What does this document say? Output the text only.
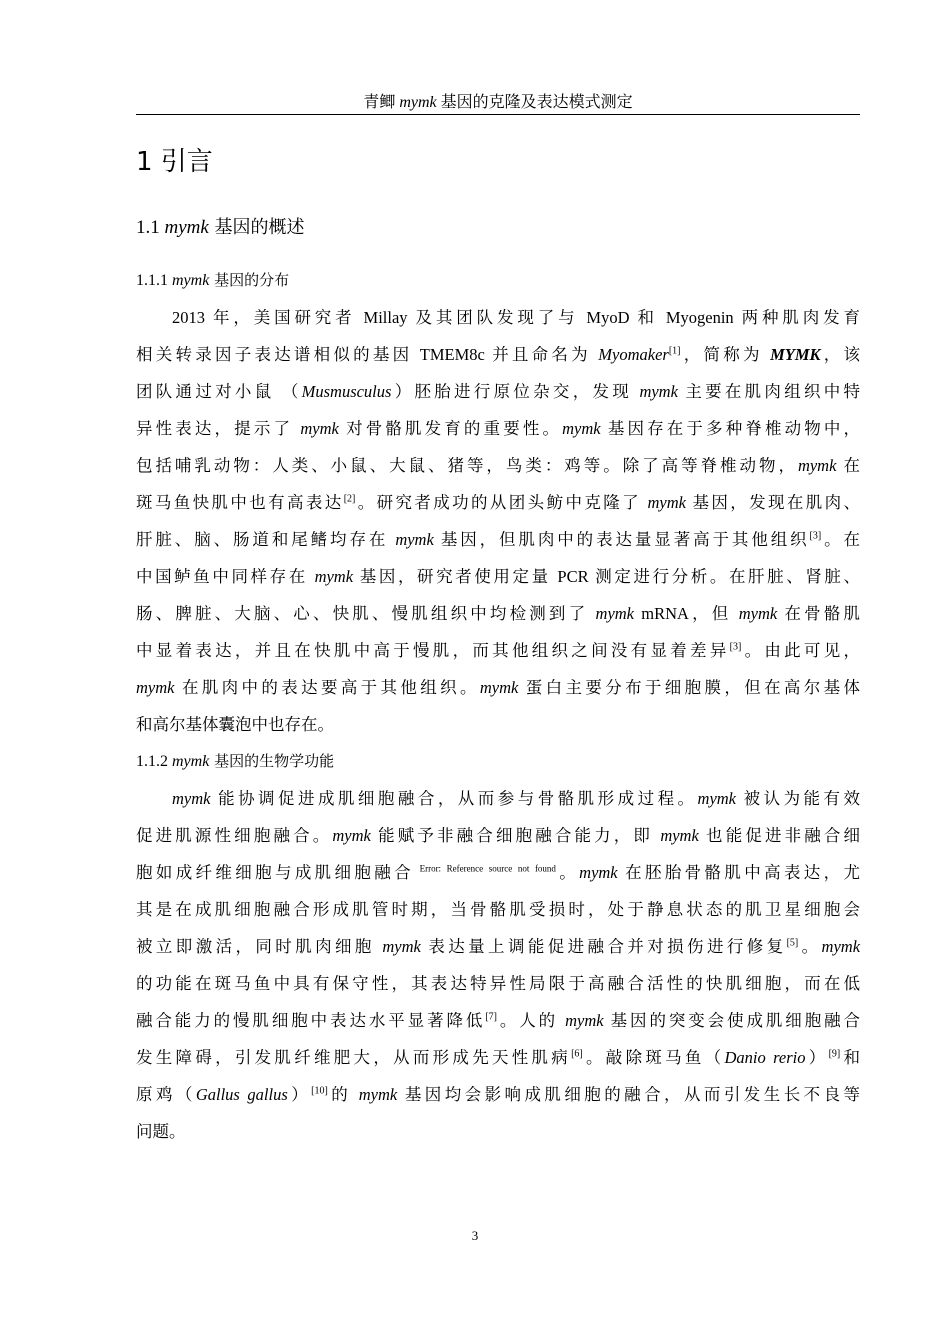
青鲫 mymk 基因的克隆及表达模式测定
1 引言
1.1 mymk 基因的概述
1.1.1 mymk 基因的分布
2013 年，美国研究者 Millay 及其团队发现了与 MyoD 和 Myogenin 两种肌肉发育
相关转录因子表达谱相似的基因 TMEM8c 并且命名为 Myomaker[1]，简称为 MYMK，该
团队通过对小鼠 （Musmusculus）胚胎进行原位杂交，发现 mymk 主要在肌肉组织中特
异性表达，提示了 mymk 对骨骼肌发育的重要性。mymk 基因存在于多种脊椎动物中，
包括哺乳动物：人类、小鼠、大鼠、猪等，鸟类：鸡等。除了高等脊椎动物，mymk 在
斑马鱼快肌中也有高表达[2]。研究者成功的从团头鲂中克隆了 mymk 基因，发现在肌肉、
肝脏、脑、肠道和尾鳍均存在 mymk 基因，但肌肉中的表达量显著高于其他组织[3]。在
中国鲈鱼中同样存在 mymk 基因，研究者使用定量 PCR 测定进行分析。在肝脏、肾脏、
肠、脾脏、大脑、心、快肌、慢肌组织中均检测到了 mymk mRNA，但 mymk 在骨骼肌
中显着表达，并且在快肌中高于慢肌，而其他组织之间没有显着差异[3]。由此可见，
mymk 在肌肉中的表达要高于其他组织。mymk 蛋白主要分布于细胞膜，但在高尔基体
和高尔基体囊泡中也存在。
1.1.2 mymk 基因的生物学功能
mymk 能协调促进成肌细胞融合，从而参与骨骼肌形成过程。mymk 被认为能有效
促进肌源性细胞融合。mymk 能赋予非融合细胞融合能力，即 mymk 也能促进非融合细
胞如成纤维细胞与成肌细胞融合 $^{Error: Reference source not found}$。mymk 在胚胎骨骼肌中高表达，尤
其是在成肌细胞融合形成肌管时期，当骨骼肌受损时，处于静息状态的肌卫星细胞会
被立即激活，同时肌肉细胞 mymk 表达量上调能促进融合并对损伤进行修复[5]。mymk
的功能在斑马鱼中具有保守性，其表达特异性局限于高融合活性的快肌细胞，而在低
融合能力的慢肌细胞中表达水平显著降低[7]。人的 mymk 基因的突变会使成肌细胞融合
发生障碍，引发肌纤维肥大，从而形成先天性肌病[6]。敲除斑马鱼（Danio rerio）[9]和
原鸡（Gallus gallus）[10]的 mymk 基因均会影响成肌细胞的融合，从而引发生长不良等
问题。
3
